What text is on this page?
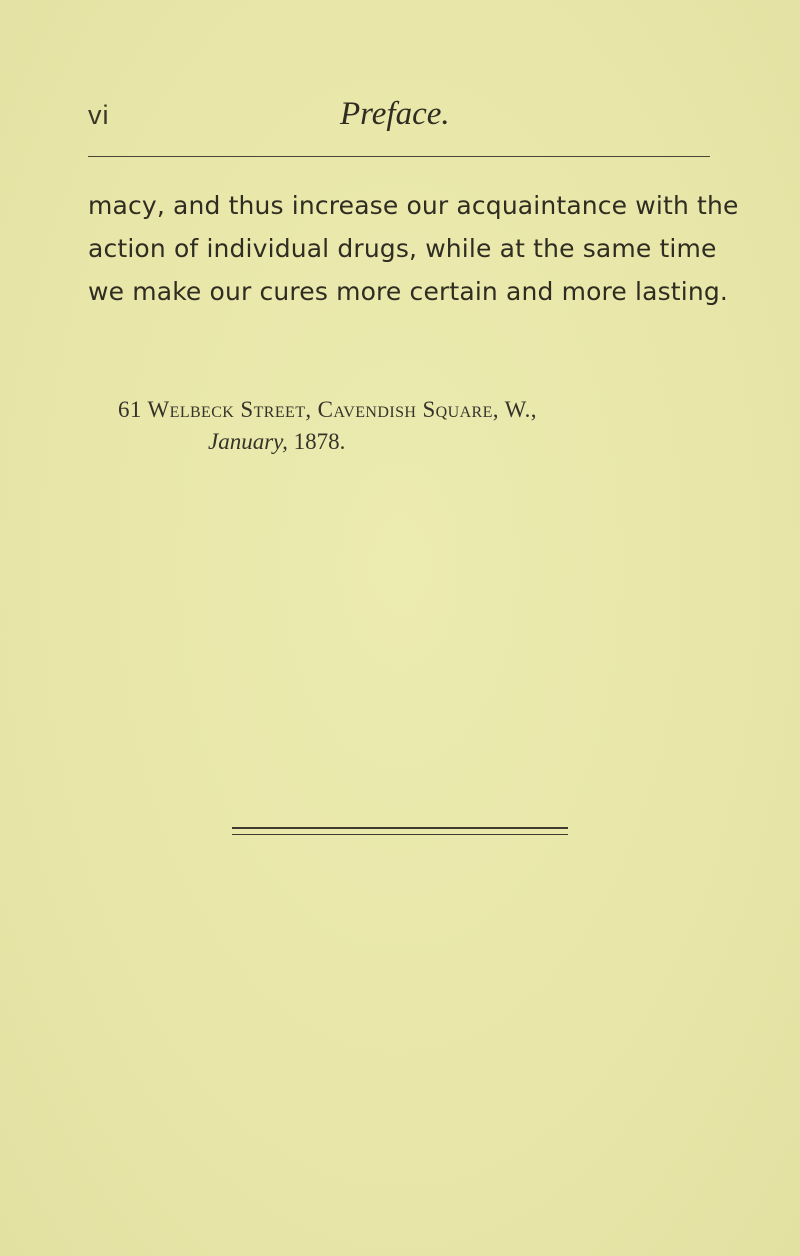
vi	Preface.
macy, and thus increase our acquaintance with the
action of individual drugs, while at the same time
we make our cures more certain and more lasting.
61 Welbeck Street, Cavendish Square, W.,
January, 1878.
